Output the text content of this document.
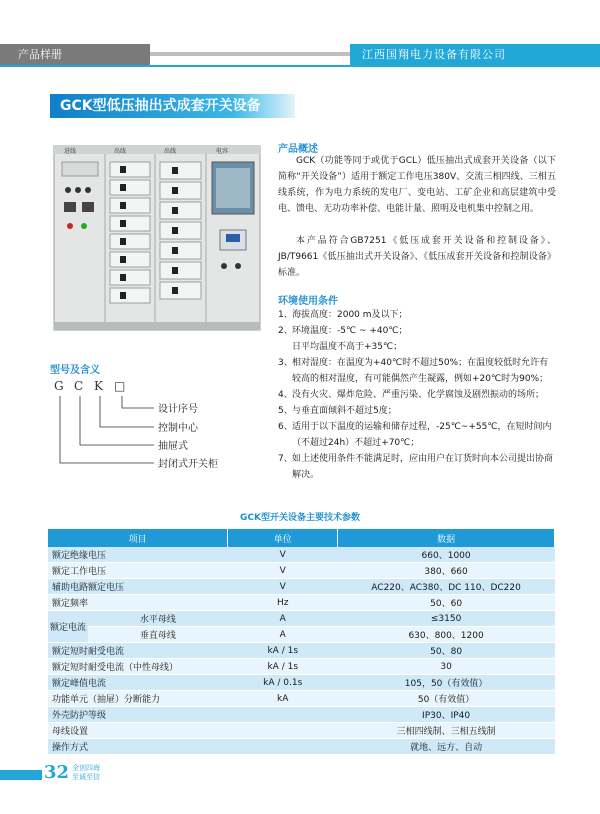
产品样册	江西国翔电力设备有限公司
GCK型低压抽出式成套开关设备
进线	出线	出线	电容	产品概述
GCK（功能等同于或优于GCL）低压抽出式成套开关设备（以下简称“开关设备”）适用于额定工作电压380V、交流三相四线、三相五线系统，作为电力系统的发电厂、变电站、工矿企业和高层建筑中受电、馈电、无功功率补偿、电能计量、照明及电机集中控制之用。
本产品符合GB7251《低压成套开关设备和控制设备》、JB/T9661《低压抽出式开关设备》、《低压成套开关设备和控制设备》标准。
环境使用条件
1、海拔高度：2000 m及以下；
2、环境温度：-5℃ ~ +40℃；
日平均温度不高于+35℃；
3、 相对湿度：在温度为+40℃时不超过50%；在温度较低时允许有较高的相对湿度，有可能偶然产生凝露，例如+20℃时为90%；
4、 没有火灾、爆炸危险、严重污染、化学腐蚀及剧烈振动的场所；
5、与垂直面倾斜不超过5度；
6、 适用于以下温度的运输和储存过程，-25℃~+55℃，在短时间内（不超过24h）不超过+70℃；
7、 如上述使用条件不能满足时，应由用户在订货时向本公司提出协商解决。
型号及含义
G C K □
设计序号
控制中心
抽屉式
封闭式开关柜
GCK型开关设备主要技术参数
项目		单位	数据
额定绝缘电压		V	660、1000
额定工作电压		V	380、660
辅助电路额定电压		V	AC220、AC380、DC 110、DC220
额定频率		Hz	50、60
额定电流	水平母线	A	≤3150
	垂直母线	A	630、800、1200
额定短时耐受电流		kA / 1s	50、80
额定短时耐受电流（中性母线）		kA / 1s	30
额定峰值电流		kA / 0.1s	105，50（有效值）
功能单元（抽屉）分断能力		kA	50（有效值）
外壳防护等级			IP30、IP40
母线设置			三相四线制、三相五线制
操作方式			就地、远方、自动
32 全创四海
至诚至信
